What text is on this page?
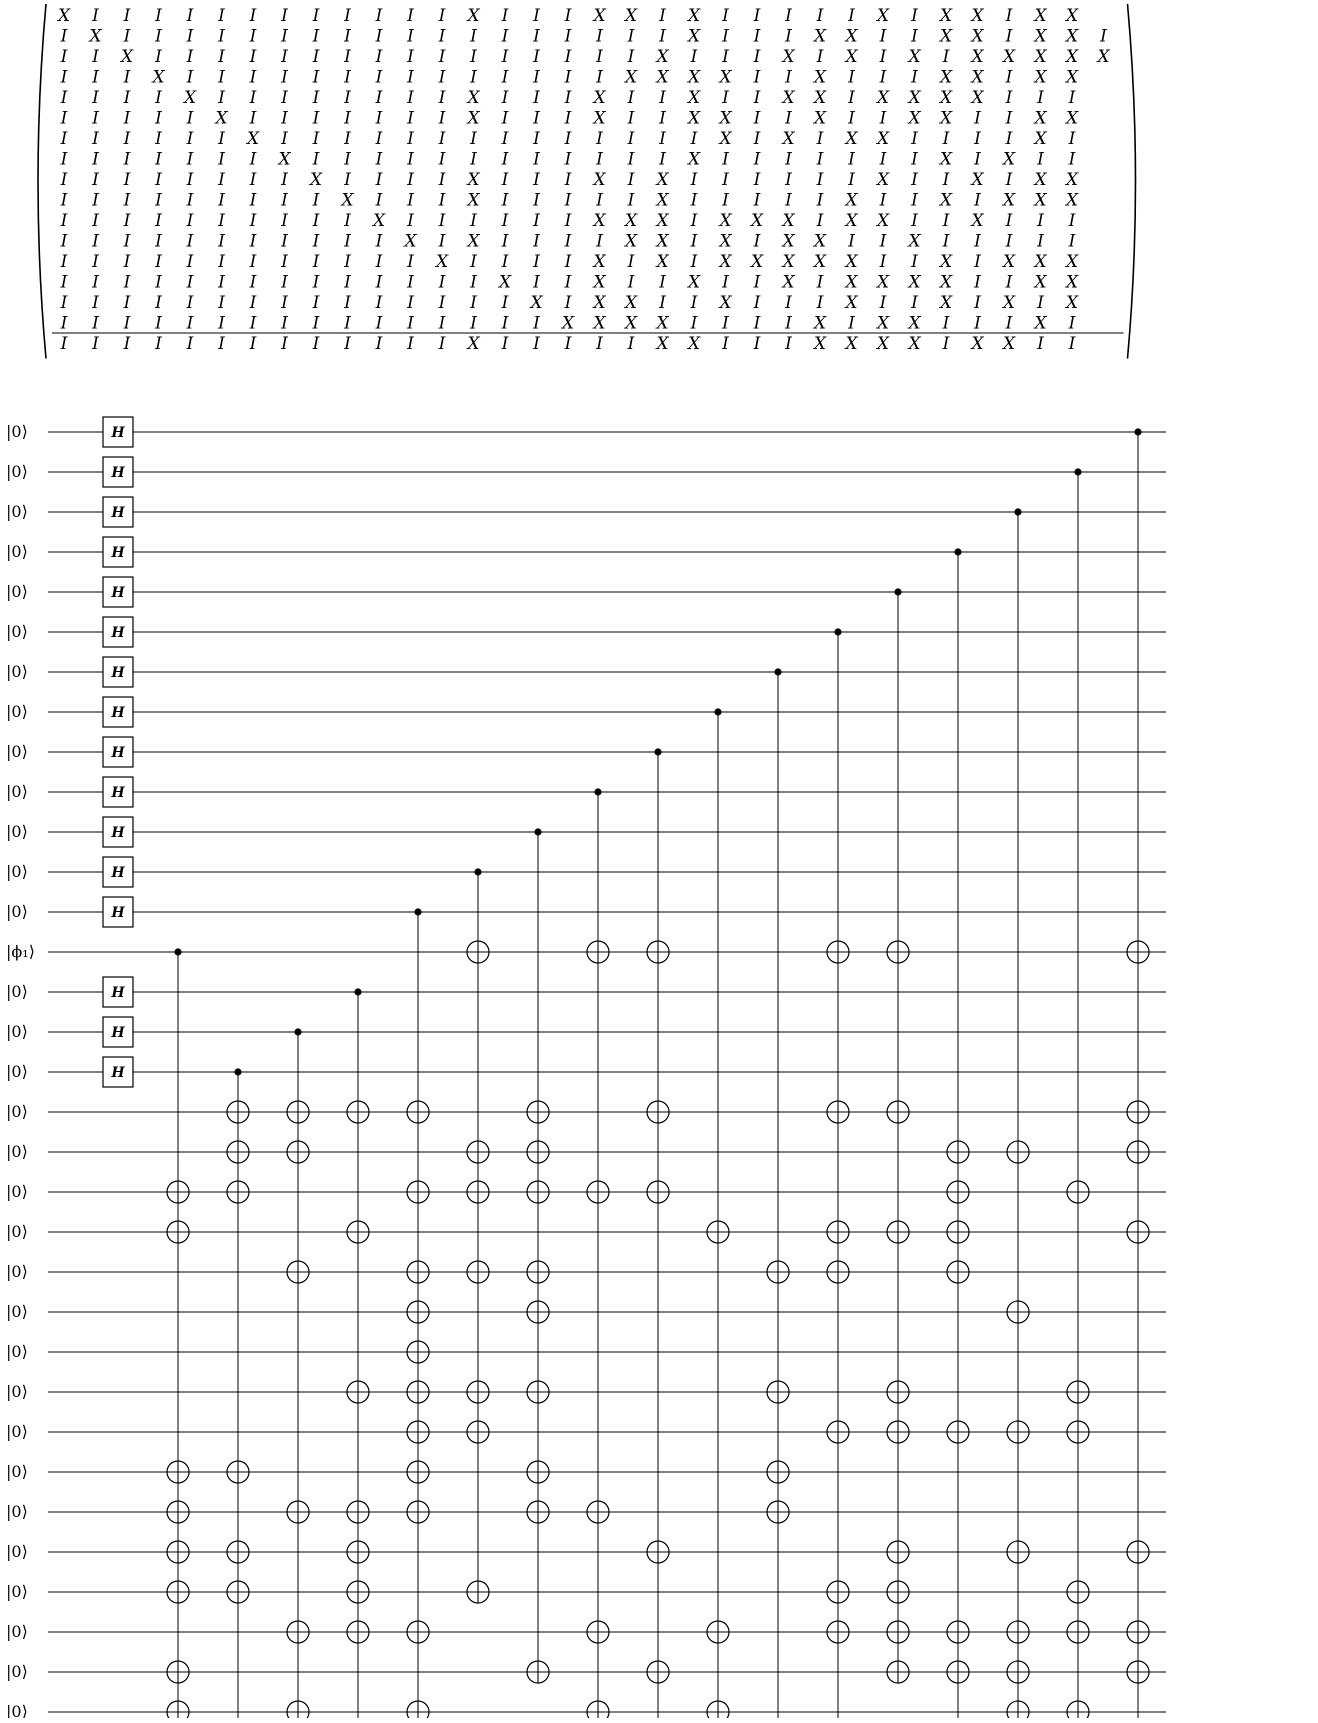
X I I I I I I I I I I I I X I I I X X I X I I I I I X I X X I X X
I X I I I I I I I I I I I I I I I I I I X I I I X X I I X X I X X I
I I X I I I I I I I I I I I I I I I I X I I I X I X I X I X X X X X
I I I X I I I I I I I I I I I I I I X X X X I I X I I I X X I X X
I I I I X I I I I I I I I X I I I X I I X I I X X I X X X X I I I
I I I I I X I I I I I I I X I I I X I I X X I I X I I X X I I X X
I I I I I I X I I I I I I I I I I I I I I X I X I X X I I I I X I
I I I I I I I X I I I I I I I I I I I I X I I I I I I I X I X I I
I I I I I I I I X I I I I X I I I X I X I I I I I I X I I X I X X
I I I I I I I I I X I I I X I I I I I X I I I I I X I I X I X X X
I I I I I I I I I I X I I I I I I X X X I X X X I X X I I X I I I
I I I I I I I I I I I X I X I I I I X X I X I X X I I X I I I I I
I I I I I I I I I I I I X I I I I X I X I X X X X X I I X I X X X
I I I I I I I I I I I I I I X I I X I I X I I X I X X X X I I X X
I I I I I I I I I I I I I I I X I X X I I X I I I X I I X I X I X
I I I I I I I I I I I I I I I I X X X X I I I I X I X X I I I X I
I I I I I I I I I I I I I X I I I I I X X I I I X X X X I X X I I
|0⟩
|0⟩
|0⟩
|0⟩
|0⟩
|0⟩
|0⟩
|0⟩
|0⟩
|0⟩
|0⟩
|0⟩
|0⟩
|ϕ₁⟩
|0⟩
|0⟩
|0⟩
|0⟩
|0⟩
|0⟩
|0⟩
|0⟩
|0⟩
|0⟩
|0⟩
|0⟩
|0⟩
|0⟩
|0⟩
|0⟩
|0⟩
|0⟩
|0⟩
H
H
H
H
H
H
H
H
H
H
H
H
H
H
H
H
